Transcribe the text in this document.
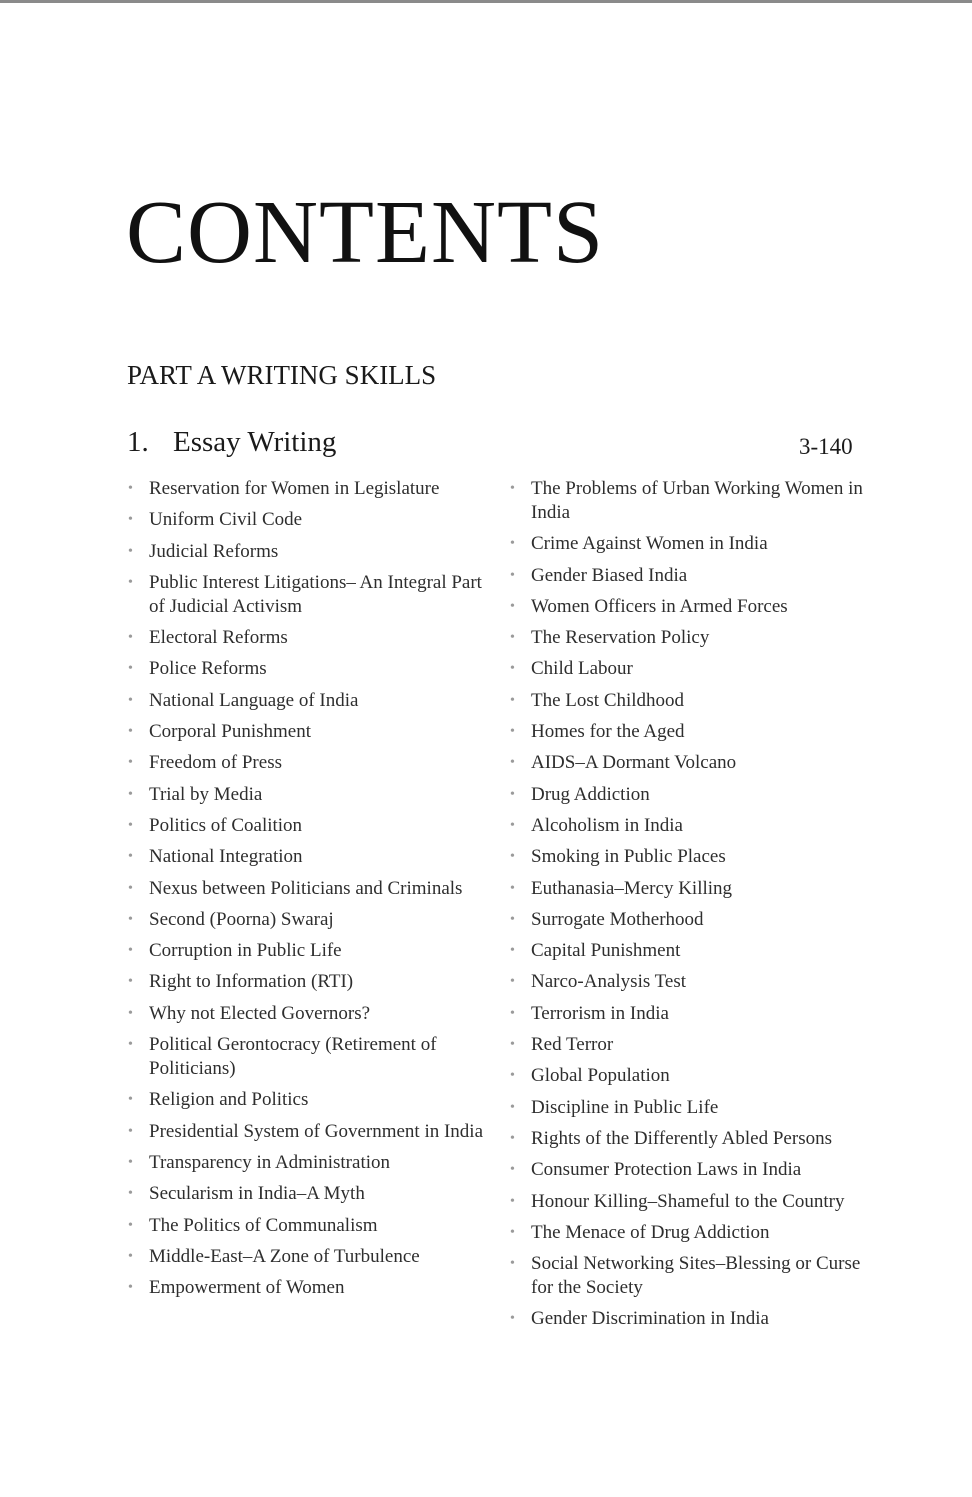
CONTENTS
PART A WRITING SKILLS
1. Essay Writing	3-140
• Reservation for Women in Legislature
• Uniform Civil Code
• Judicial Reforms
• Public Interest Litigations– An Integral Part of Judicial Activism
• Electoral Reforms
• Police Reforms
• National Language of India
• Corporal Punishment
• Freedom of Press
• Trial by Media
• Politics of Coalition
• National Integration
• Nexus between Politicians and Criminals
• Second (Poorna) Swaraj
• Corruption in Public Life
• Right to Information (RTI)
• Why not Elected Governors?
• Political Gerontocracy (Retirement of Politicians)
• Religion and Politics
• Presidential System of Government in India
• Transparency in Administration
• Secularism in India–A Myth
• The Politics of Communalism
• Middle-East–A Zone of Turbulence
• Empowerment of Women
• The Problems of Urban Working Women in India
• Crime Against Women in India
• Gender Biased India
• Women Officers in Armed Forces
• The Reservation Policy
• Child Labour
• The Lost Childhood
• Homes for the Aged
• AIDS–A Dormant Volcano
• Drug Addiction
• Alcoholism in India
• Smoking in Public Places
• Euthanasia–Mercy Killing
• Surrogate Motherhood
• Capital Punishment
• Narco-Analysis Test
• Terrorism in India
• Red Terror
• Global Population
• Discipline in Public Life
• Rights of the Differently Abled Persons
• Consumer Protection Laws in India
• Honour Killing–Shameful to the Country
• The Menace of Drug Addiction
• Social Networking Sites–Blessing or Curse for the Society
• Gender Discrimination in India
